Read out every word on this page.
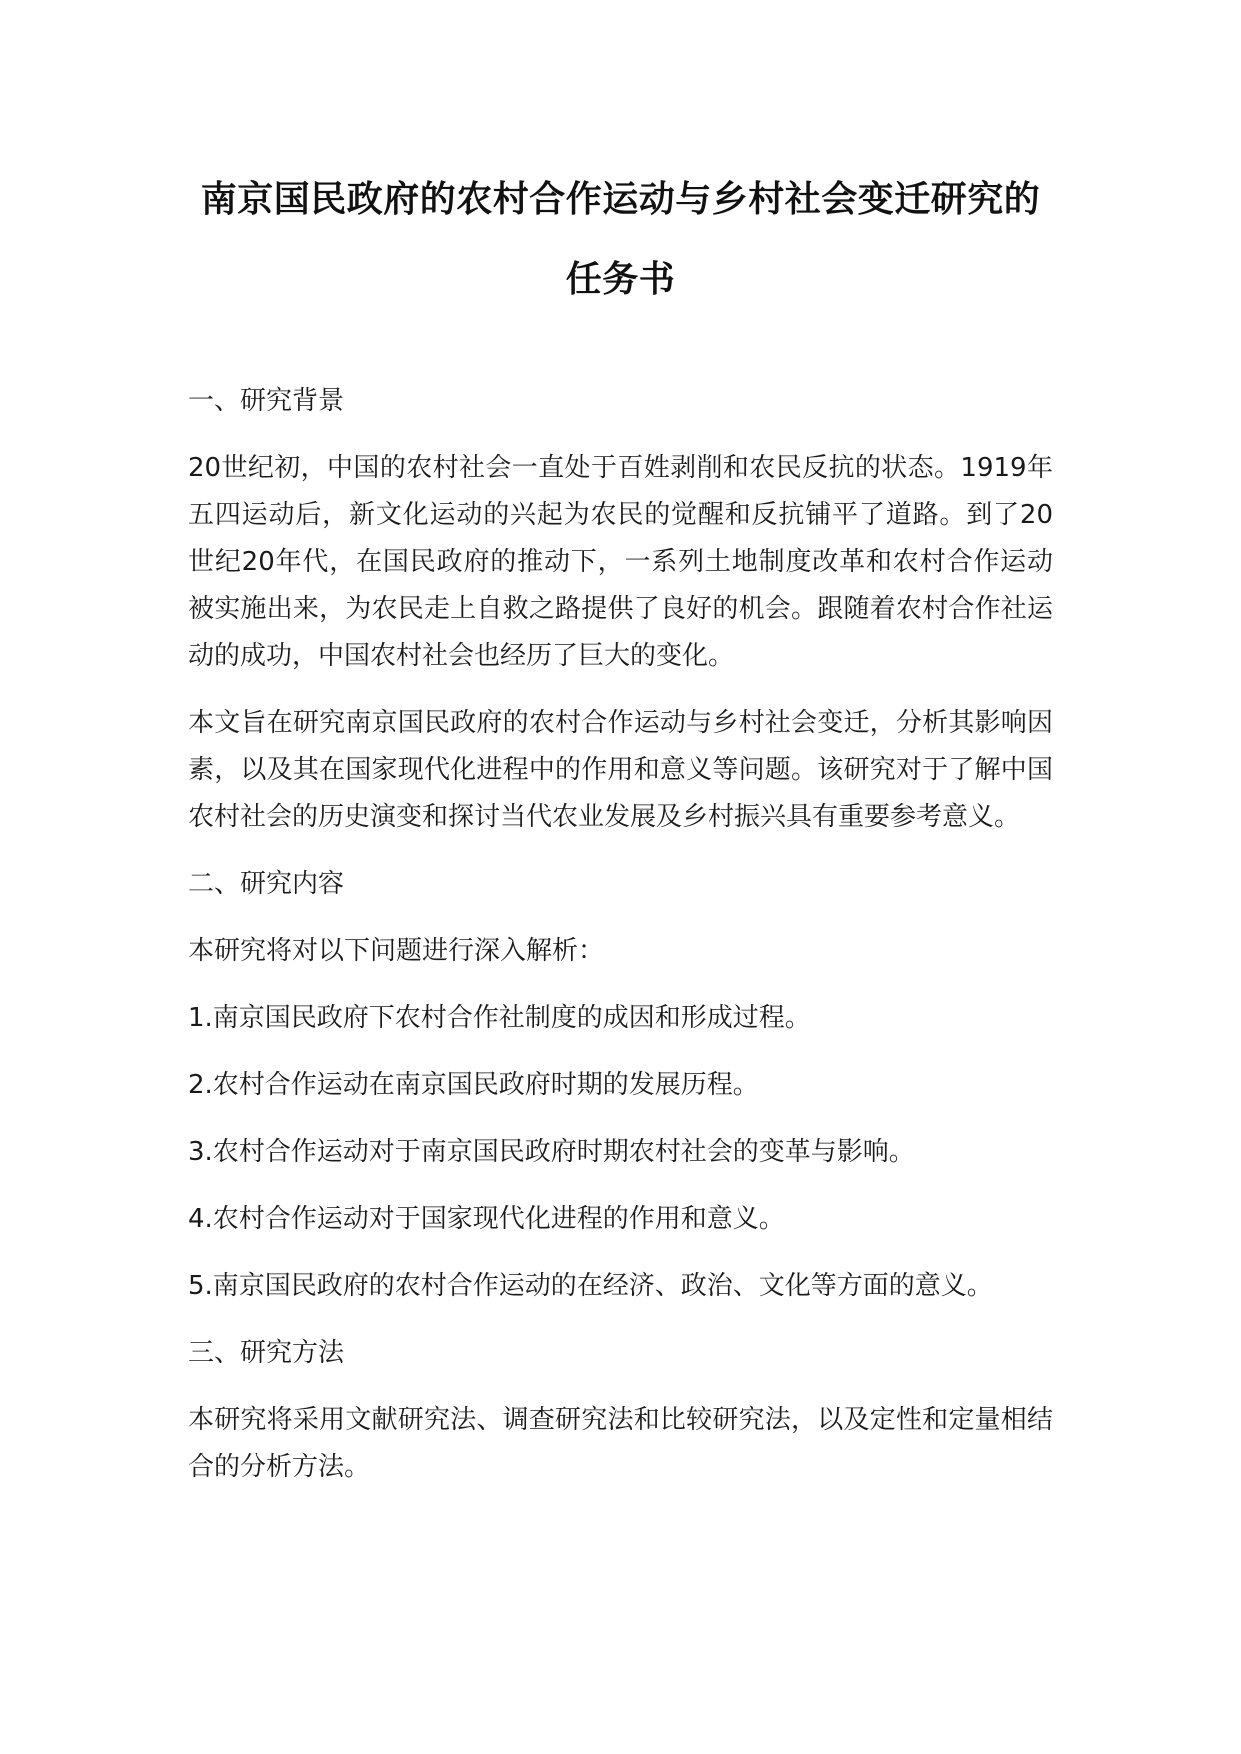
南京国民政府的农村合作运动与乡村社会变迁研究的任务书

一、研究背景

20世纪初，中国的农村社会一直处于百姓剥削和农民反抗的状态。1919年五四运动后，新文化运动的兴起为农民的觉醒和反抗铺平了道路。到了20世纪20年代，在国民政府的推动下，一系列土地制度改革和农村合作运动被实施出来，为农民走上自救之路提供了良好的机会。跟随着农村合作社运动的成功，中国农村社会也经历了巨大的变化。

本文旨在研究南京国民政府的农村合作运动与乡村社会变迁，分析其影响因素，以及其在国家现代化进程中的作用和意义等问题。该研究对于了解中国农村社会的历史演变和探讨当代农业发展及乡村振兴具有重要参考意义。

二、研究内容

本研究将对以下问题进行深入解析：

1.南京国民政府下农村合作社制度的成因和形成过程。

2.农村合作运动在南京国民政府时期的发展历程。

3.农村合作运动对于南京国民政府时期农村社会的变革与影响。

4.农村合作运动对于国家现代化进程的作用和意义。

5.南京国民政府的农村合作运动的在经济、政治、文化等方面的意义。

三、研究方法

本研究将采用文献研究法、调查研究法和比较研究法，以及定性和定量相结合的分析方法。
